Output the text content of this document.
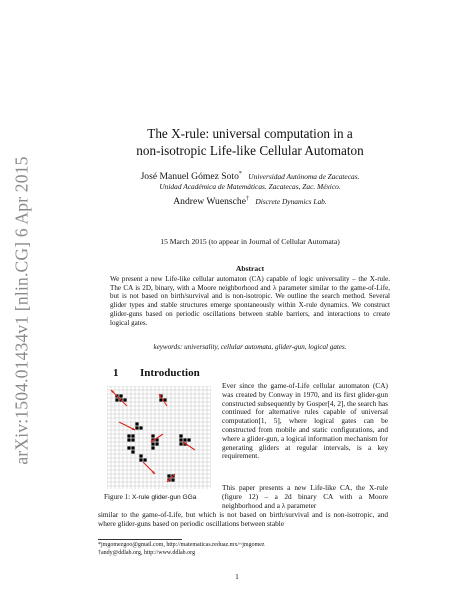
arXiv:1504.01434v1 [nlin.CG] 6 Apr 2015
The X-rule: universal computation in a
non-isotropic Life-like Cellular Automaton
José Manuel Gómez Soto* Universidad Autónoma de Zacatecas.
Unidad Académica de Matemáticas. Zacatecas, Zac. México.
Andrew Wuensche† Discrete Dynamics Lab.
15 March 2015 (to appear in Journal of Cellular Automata)
Abstract
We present a new Life-like cellular automaton (CA) capable of logic universality – the X-rule. The CA is 2D, binary, with a Moore neighborhood and λ parameter similar to the game-of-Life, but is not based on birth/survival and is non-isotropic. We outline the search method. Several glider types and stable structures emerge spontaneously within X-rule dynamics. We construct glider-guns based on periodic oscillations between stable barriers, and interactions to create logical gates.
keywords: universality, cellular automata, glider-gun, logical gates.
1 Introduction
Figure 1: X-rule glider-gun GGa
Ever since the game-of-Life cellular automaton (CA) was created by Conway in 1970, and its first glider-gun constructed subsequently by Gosper[4, 2], the search has continued for alternative rules capable of universal computation[1, 5], where logical gates can be constructed from mobile and static configurations, and where a glider-gun, a logical information mechanism for generating gliders at regular intervals, is a key requirement.
This paper presents a new Life-like CA, the X-rule (figure 12) – a 2d binary CA with a Moore neighborhood and a λ parameter
similar to the game-of-Life, but which is not based on birth/survival and is non-isotropic, and where glider-guns based on periodic oscillations between stable
*jmgomezgoo@gmail.com, http://matematicas.reduaz.mx/~jmgomez
†andy@ddlab.org, http://www.ddlab.org
1
